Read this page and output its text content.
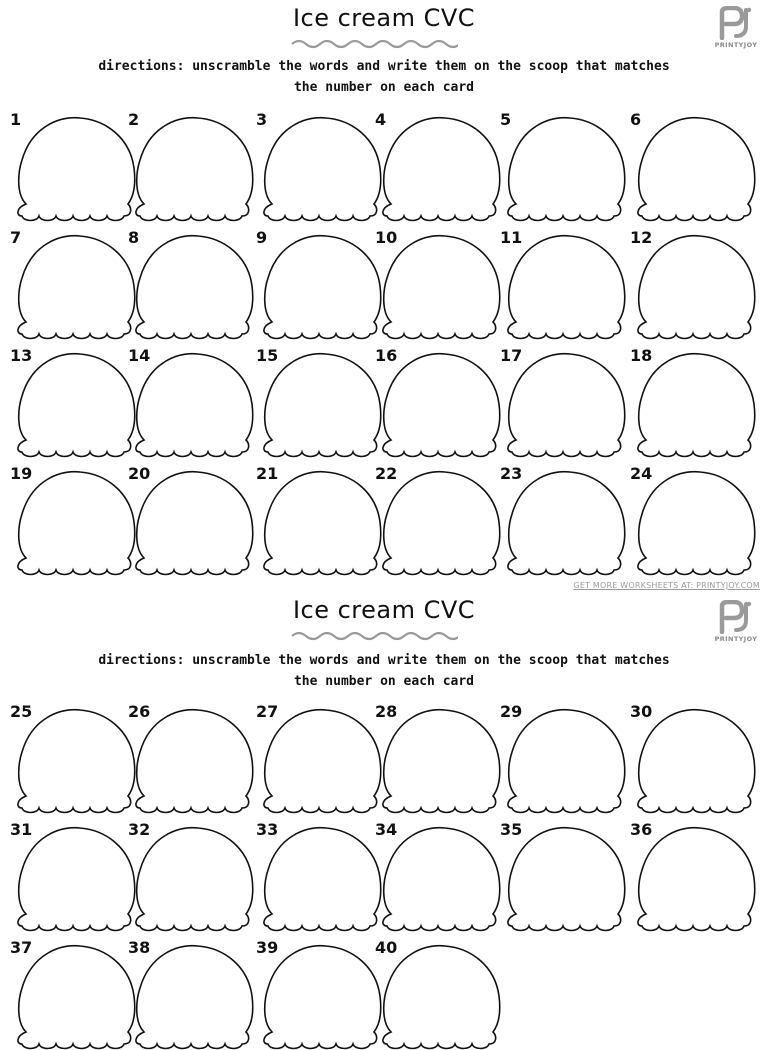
Ice cream CVC
PRINTYJOY

directions: unscramble the words and write them on the scoop that matches
the number on each card

1	2	3	4	5	6
7	8	9	10	11	12
13	14	15	16	17	18
19	20	21	22	23	24
GET MORE WORKSHEETS AT: PRINTYJOY.COM
Ice cream CVC
PRINTYJOY

directions: unscramble the words and write them on the scoop that matches
the number on each card

25	26	27	28	29	30
31	32	33	34	35	36
37	38	39	40
